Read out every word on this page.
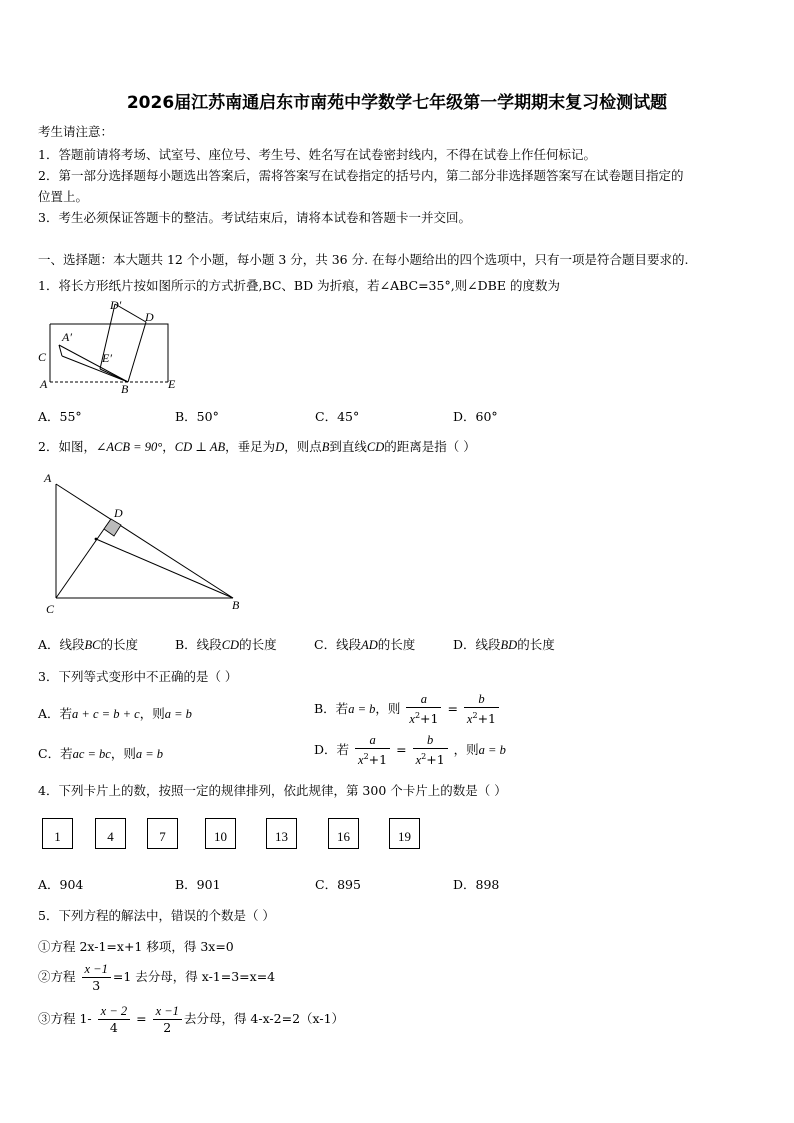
2026届江苏南通启东市南苑中学数学七年级第一学期期末复习检测试题
考生请注意：
1．答题前请将考场、试室号、座位号、考生号、姓名写在试卷密封线内，不得在试卷上作任何标记。
2．第一部分选择题每小题选出答案后，需将答案写在试卷指定的括号内，第二部分非选择题答案写在试卷题目指定的
位置上。
3．考生必须保证答题卡的整洁。考试结束后，请将本试卷和答题卡一并交回。
一、选择题：本大题共 12 个小题，每小题 3 分，共 36 分. 在每小题给出的四个选项中，只有一项是符合题目要求的.
1．将长方形纸片按如图所示的方式折叠,BC、BD 为折痕，若∠ABC=35°,则∠DBE 的度数为
D′
D
A′
C	E′
A	B	E
A．55°	B．50°	C．45°	D．60°
2．如图，∠ACB = 90°，CD ⊥ AB，垂足为D，则点B到直线CD的距离是指（ ）
A
D
C	B
A．线段BC的长度	B．线段CD的长度	C．线段AD的长度	D．线段BD的长度
3．下列等式变形中不正确的是（ ）
A．若a + c = b + c，则a = b	B．若a = b，则 $\frac{a}{x^2+1} = \frac{b}{x^2+1}$
C．若ac = bc，则a = b	D．若 $\frac{a}{x^2+1} = \frac{b}{x^2+1}$ ，则a = b
4．下列卡片上的数，按照一定的规律排列，依此规律，第 300 个卡片上的数是（ ）
1	4	7	10	13	16	19
A．904	B．901	C．895	D．898
5．下列方程的解法中，错误的个数是（ ）
①方程 2x-1=x+1 移项，得 3x=0
②方程 $\frac{x -1}{3} =1$ 去分母，得 x-1=3=x=4
③方程 $1- \frac{x - 2}{4} = \frac{x -1}{2}$ 去分母，得 4-x-2=2（x-1）
